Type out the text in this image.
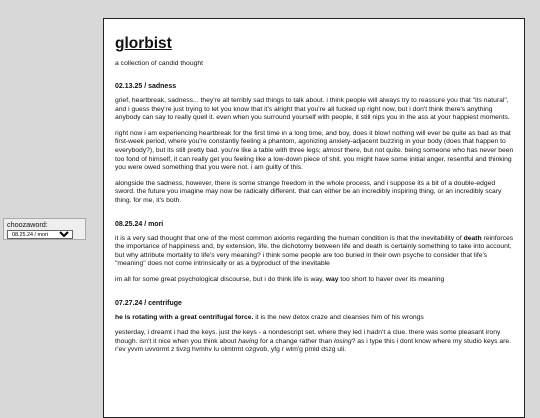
choozaword:
08.25.24 / mori
glorbist
a collection of candid thought
02.13.25 / sadness

grief, heartbreak, sadness... they're all terribly sad things to talk about. i think people will always try to reassure you that "its natural", and i guess they're just trying to let you know that it's alright that you're all fucked up right now, but i don't think there's anything anybody can say to really quell it. even when you surround yourself with people, it still nips you in the ass at your happiest moments.

right now i am experiencing heartbreak for the first time in a long time, and boy, does it blow! nothing will ever be quite as bad as that first-week period, where you're constantly feeling a phantom, agonizing anxiety-adjacent buzzing in your body (does that happen to everybody?), but its still pretty bad. you're like a table with three legs; almost there, but not quite. being someone who has never been too fond of himself, it can really get you feeling like a low-down piece of shit. you might have some initial anger, resentful and thinking you were owed something that you were not. i am guilty of this.

alongside the sadness, however, there is some strange freedom in the whole process, and i suppose its a bit of a double-edged sword. the future you imagine may now be radically different. that can either be an incredibly inspiring thing, or an incredibly scary thing. for me, it's both.

08.25.24 / mori

it is a very sad thought that one of the most common axioms regarding the human condition is that the inevitability of death reinforces the importance of happiness and, by extension, life. the dichotomy between life and death is certainly something to take into account, but why attribute mortality to life's very meaning? i think some people are too buried in their own psyche to consider that life's "meaning" does not come intrinsically or as a byproduct of the inevitable

im all for some great psychological discourse, but i do think life is way, way too short to haver over its meaning

07.27.24 / centrifuge

he is rotating with a great centrifugal force. it is the new detox craze and cleanses him of his wrongs

yesterday, i dreamt i had the keys. just the keys - a nondescript set. where they led i hadn't a clue. there was some pleasant irony though. isn't it nice when you think about having for a change rather than losing? as i type this i dont know where my studio keys are. r'ev yvvm uvvormt z tivzg hvmhv lu olmtrmt ozgvob, yfg r wlm'g pmld dszg uli.
